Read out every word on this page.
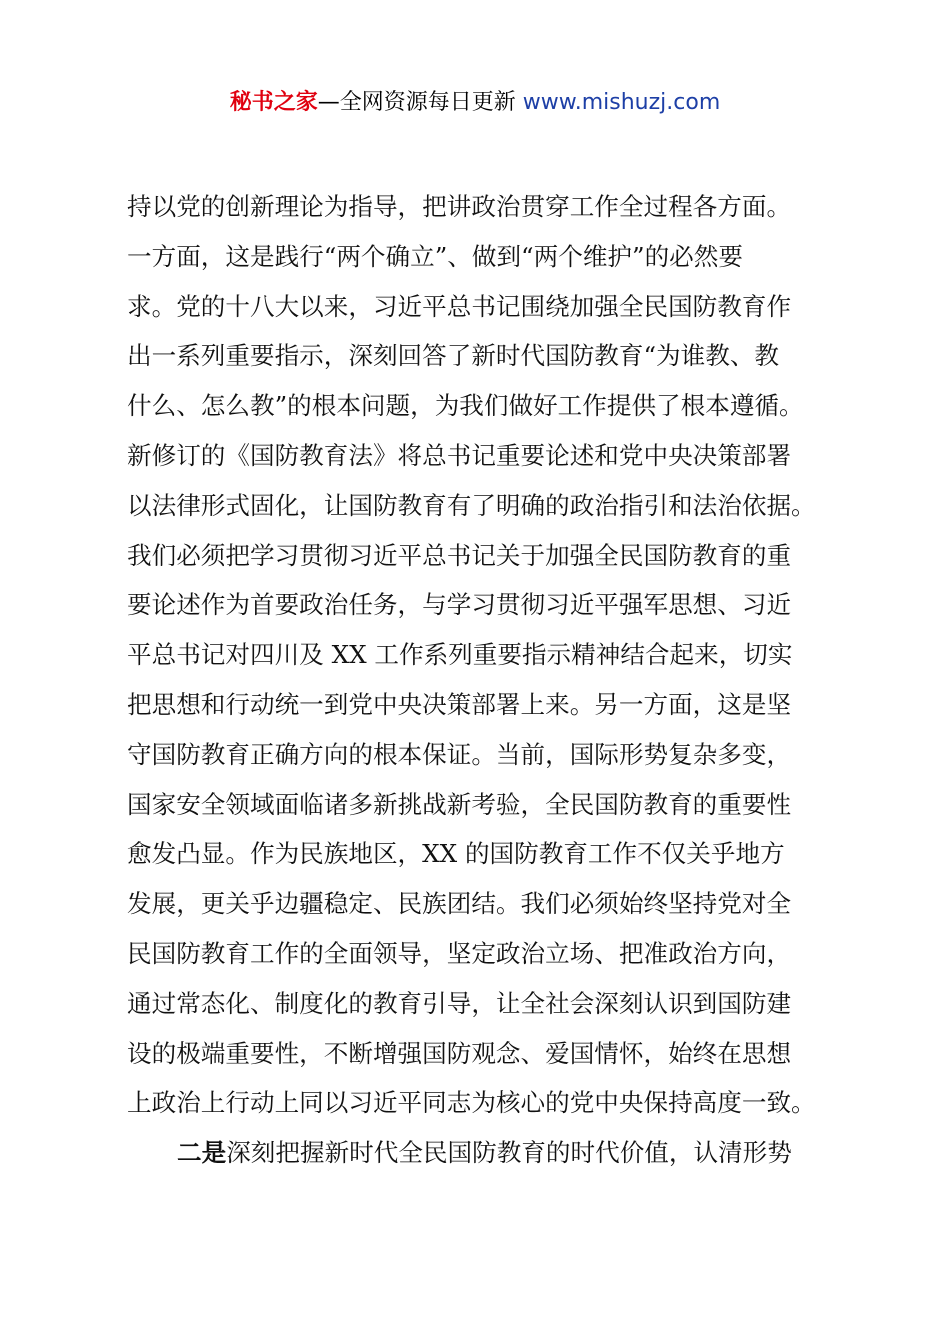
秘书之家—全网资源每日更新 www.mishuzj.com
持以党的创新理论为指导，把讲政治贯穿工作全过程各方面。
一方面，这是践行“两个确立”、做到“两个维护”的必然要
求。党的十八大以来，习近平总书记围绕加强全民国防教育作
出一系列重要指示，深刻回答了新时代国防教育“为谁教、教
什么、怎么教”的根本问题，为我们做好工作提供了根本遵循。
新修订的《国防教育法》将总书记重要论述和党中央决策部署
以法律形式固化，让国防教育有了明确的政治指引和法治依据。
我们必须把学习贯彻习近平总书记关于加强全民国防教育的重
要论述作为首要政治任务，与学习贯彻习近平强军思想、习近
平总书记对四川及 XX 工作系列重要指示精神结合起来，切实
把思想和行动统一到党中央决策部署上来。另一方面，这是坚
守国防教育正确方向的根本保证。当前，国际形势复杂多变，
国家安全领域面临诸多新挑战新考验，全民国防教育的重要性
愈发凸显。作为民族地区，XX 的国防教育工作不仅关乎地方
发展，更关乎边疆稳定、民族团结。我们必须始终坚持党对全
民国防教育工作的全面领导，坚定政治立场、把准政治方向，
通过常态化、制度化的教育引导，让全社会深刻认识到国防建
设的极端重要性，不断增强国防观念、爱国情怀，始终在思想
上政治上行动上同以习近平同志为核心的党中央保持高度一致。
二是深刻把握新时代全民国防教育的时代价值，认清形势
